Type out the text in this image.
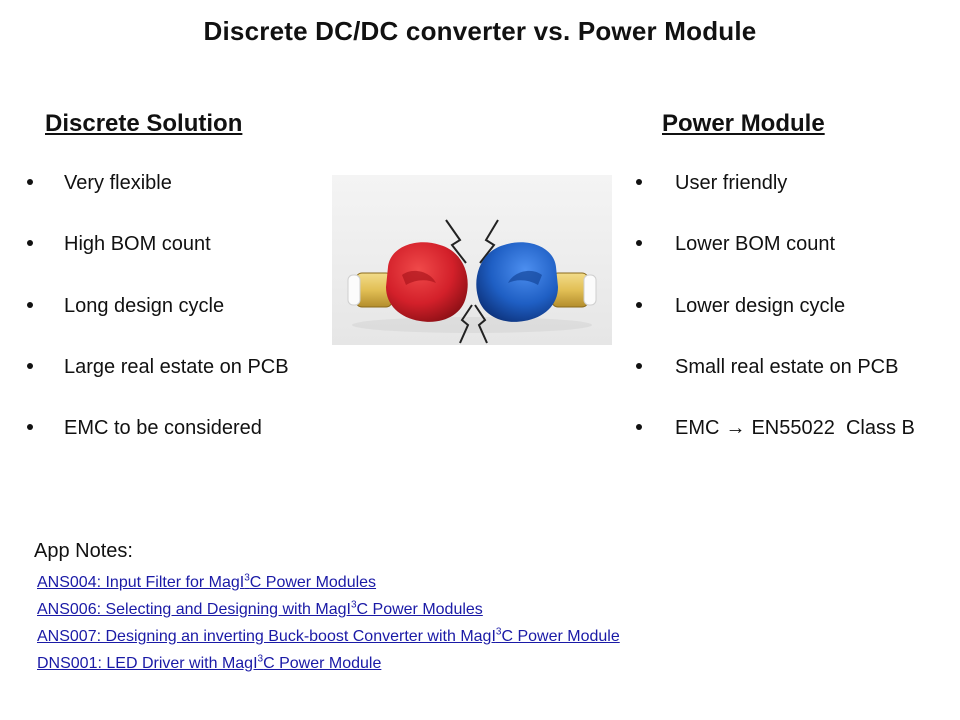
Discrete DC/DC converter vs. Power Module
Discrete Solution	Power Module
Very flexible
High BOM count
Long design cycle
Large real estate on PCB
EMC to be considered
User friendly
Lower BOM count
Lower design cycle
Small real estate on PCB
EMC → EN55022  Class B
App Notes:
ANS004: Input Filter for MagI$^3$C Power Modules
ANS006: Selecting and Designing with MagI$^3$C Power Modules
ANS007: Designing an inverting Buck-boost Converter with MagI$^3$C Power Module
DNS001: LED Driver with MagI$^3$C Power Module
